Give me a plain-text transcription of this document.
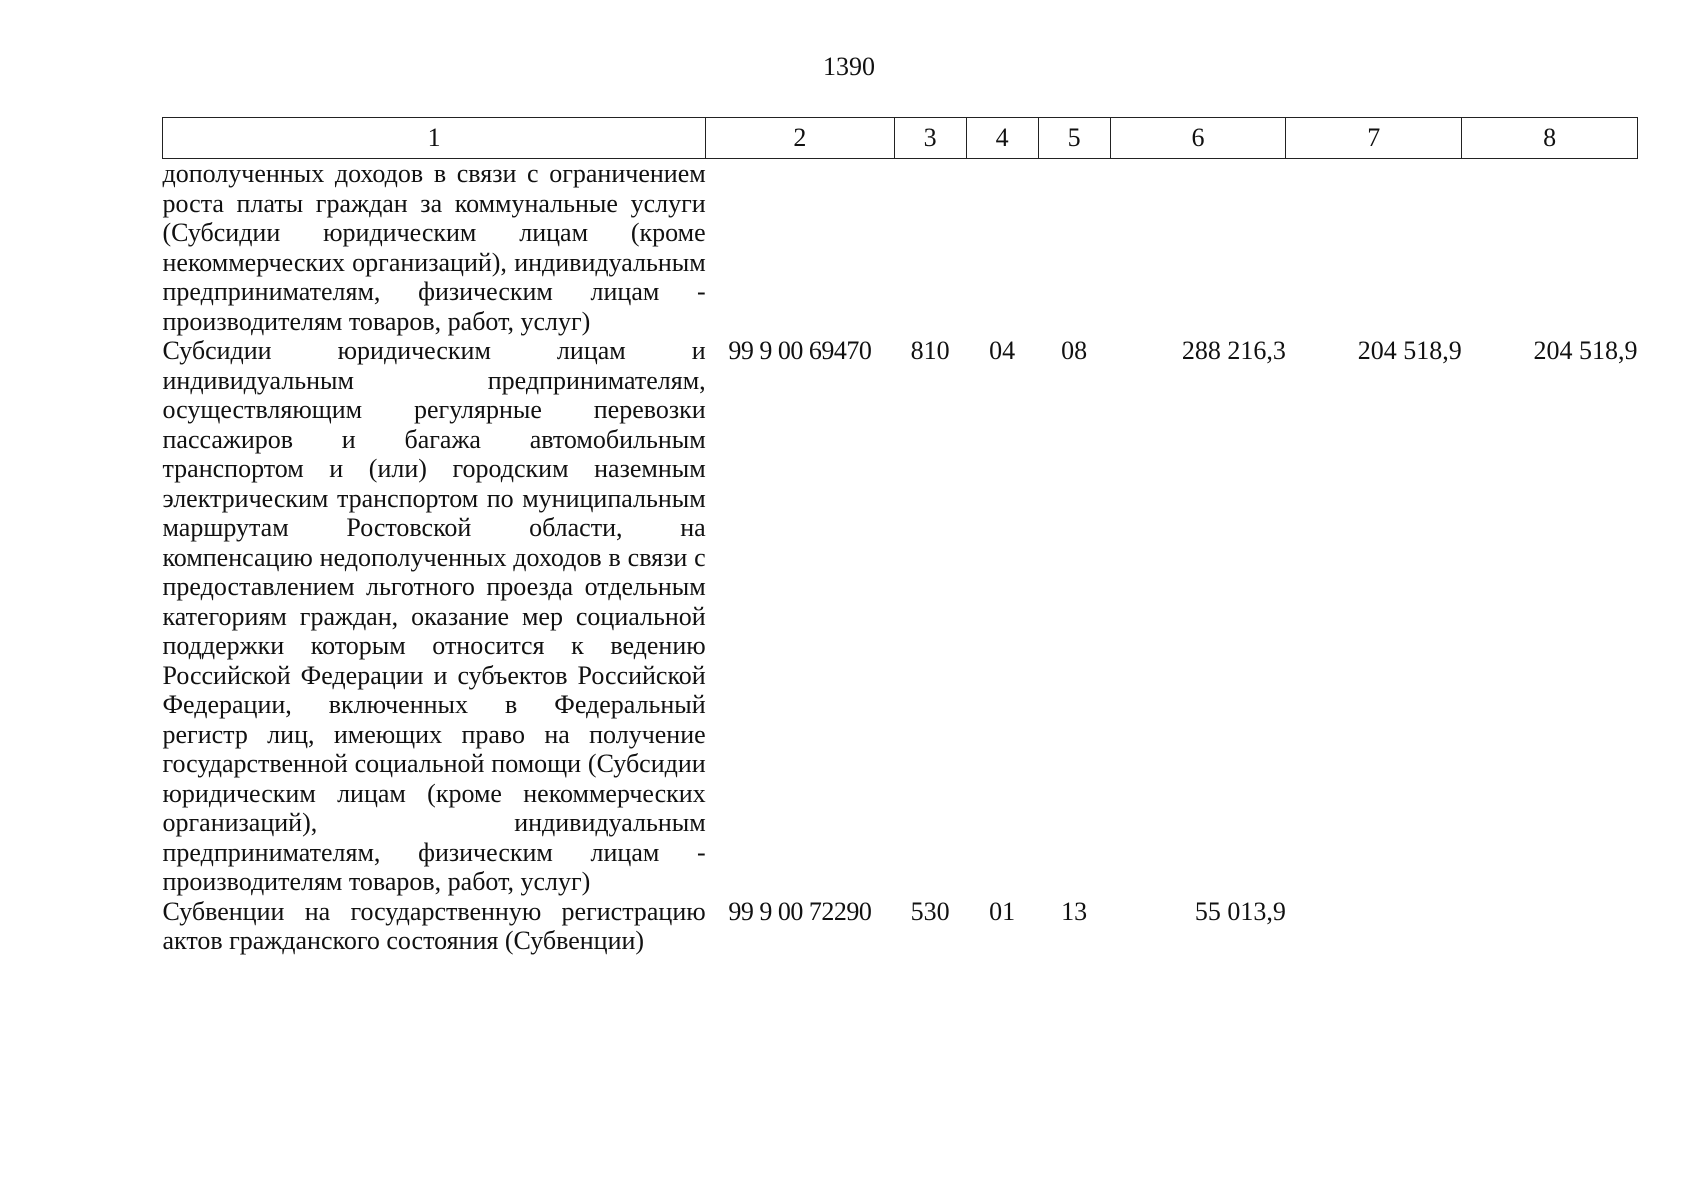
1390
1	2	3	4	5	6	7	8
дополученных доходов в связи с ограничением роста платы граждан за коммунальные услуги (Субсидии юридическим лицам (кроме некоммерческих организаций), индивидуальным предпринимателям, физическим лицам - производителям товаров, работ, услуг)							
Субсидии юридическим лицам и индивидуальным предпринимателям, осуществляющим регулярные перевозки пассажиров и багажа автомобильным транспортом и (или) городским наземным электрическим транспортом по муниципальным маршрутам Ростовской области, на компенсацию недополученных доходов в связи с предоставлением льготного проезда отдельным категориям граждан, оказание мер социальной поддержки которым относится к ведению Российской Федерации и субъектов Российской Федерации, включенных в Федеральный регистр лиц, имеющих право на получение государственной социальной помощи (Субсидии юридическим лицам (кроме некоммерческих организаций), индивидуальным предпринимателям, физическим лицам - производителям товаров, работ, услуг)	99 9 00 69470	810	04	08	288 216,3	204 518,9	204 518,9
Субвенции на государственную регистрацию актов гражданского состояния (Субвенции)	99 9 00 72290	530	01	13	55 013,9		
